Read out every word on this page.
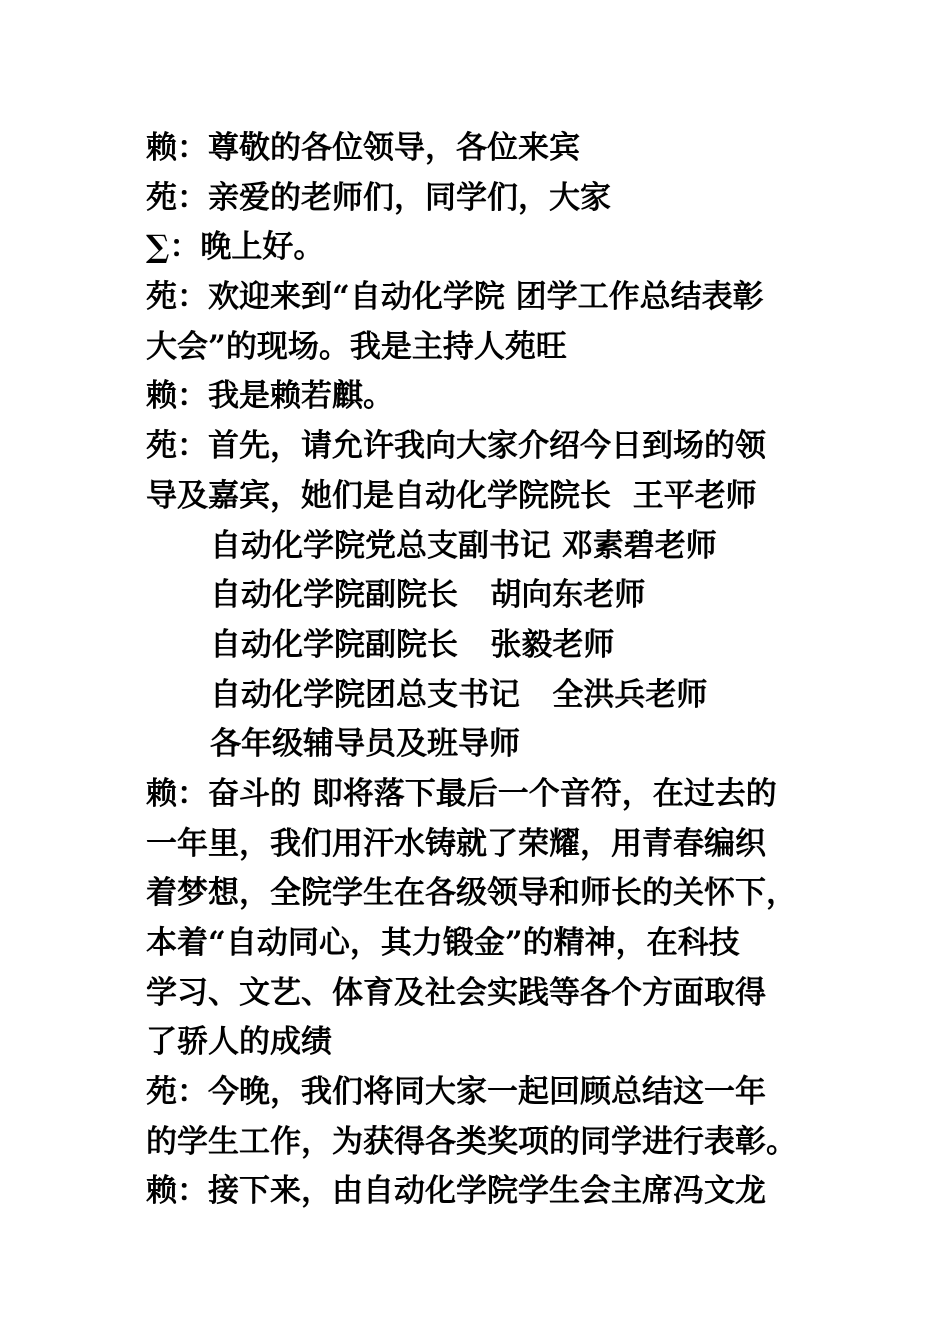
赖：尊敬的各位领导，各位来宾
苑：亲爱的老师们，同学们，大家
∑：晚上好。
苑：欢迎来到“自动化学院 团学工作总结表彰
大会”的现场。我是主持人苑旺
赖：我是赖若麒。
苑：首先，请允许我向大家介绍今日到场的领
导及嘉宾，她们是自动化学院院长  王平老师
自动化学院党总支副书记 邓素碧老师
自动化学院副院长   胡向东老师
自动化学院副院长   张毅老师
自动化学院团总支书记   全洪兵老师
各年级辅导员及班导师
赖：奋斗的 即将落下最后一个音符，在过去的
一年里，我们用汗水铸就了荣耀，用青春编织
着梦想，全院学生在各级领导和师长的关怀下，
本着“自动同心，其力锻金”的精神，在科技
学习、文艺、体育及社会实践等各个方面取得
了骄人的成绩
苑：今晚，我们将同大家一起回顾总结这一年
的学生工作，为获得各类奖项的同学进行表彰。
赖：接下来，由自动化学院学生会主席冯文龙
